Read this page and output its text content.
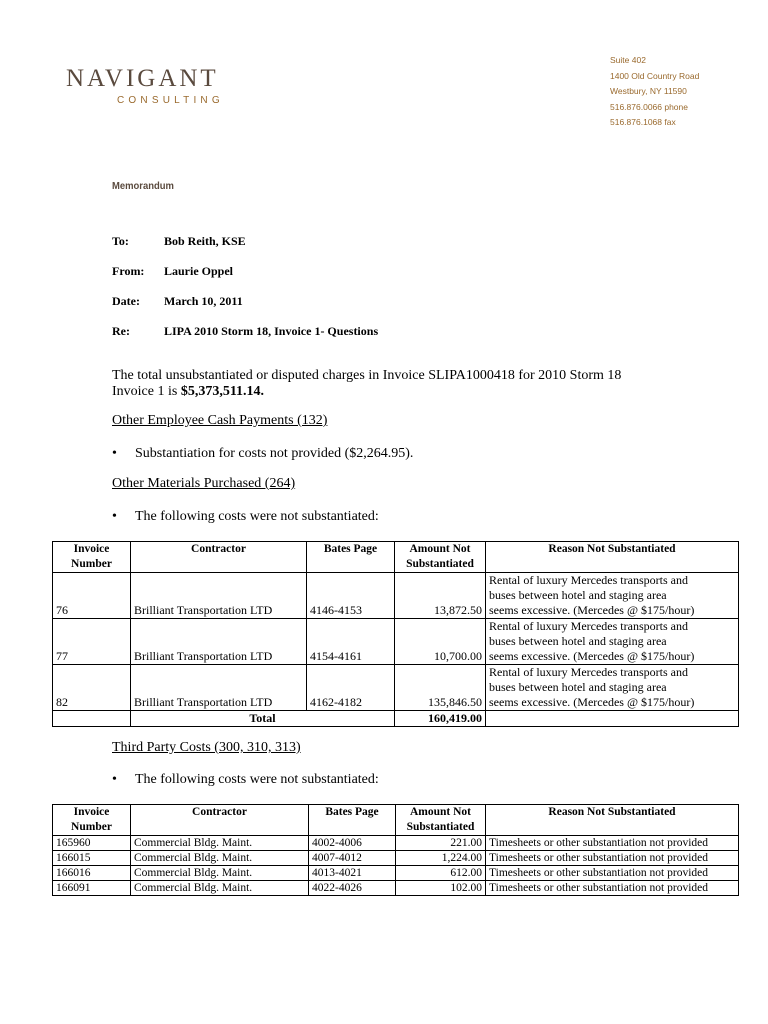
NAVIGANT
CONSULTING
Suite 402
1400 Old Country Road
Westbury, NY 11590
516.876.0066 phone
516.876.1068 fax
Memorandum
To:	Bob Reith, KSE
From: Laurie Oppel
Date: March 10, 2011
Re:	LIPA 2010 Storm 18, Invoice 1- Questions
The total unsubstantiated or disputed charges in Invoice SLIPA1000418 for 2010 Storm 18
Invoice 1 is $5,373,511.14.
Other Employee Cash Payments (132)
• Substantiation for costs not provided ($2,264.95).
Other Materials Purchased (264)
• The following costs were not substantiated:
Invoice Number	Contractor	Bates Page	Amount Not Substantiated	Reason Not Substantiated
76	Brilliant Transportation LTD	4146-4153	13,872.50	Rental of luxury Mercedes transports and
buses between hotel and staging area
seems excessive. (Mercedes @ $175/hour)

77	Brilliant Transportation LTD	4154-4161	10,700.00	Rental of luxury Mercedes transports and
buses between hotel and staging area
seems excessive. (Mercedes @ $175/hour)

82	Brilliant Transportation LTD	4162-4182	135,846.50	Rental of luxury Mercedes transports and
buses between hotel and staging area
seems excessive. (Mercedes @ $175/hour)

	Total		160,419.00	
Third Party Costs (300, 310, 313)
• The following costs were not substantiated:
Invoice Number	Contractor	Bates Page	Amount Not Substantiated	Reason Not Substantiated
165960	Commercial Bldg. Maint.	4002-4006	221.00	Timesheets or other substantiation not provided
166015	Commercial Bldg. Maint.	4007-4012	1,224.00	Timesheets or other substantiation not provided
166016	Commercial Bldg. Maint.	4013-4021	612.00	Timesheets or other substantiation not provided
166091	Commercial Bldg. Maint.	4022-4026	102.00	Timesheets or other substantiation not provided
